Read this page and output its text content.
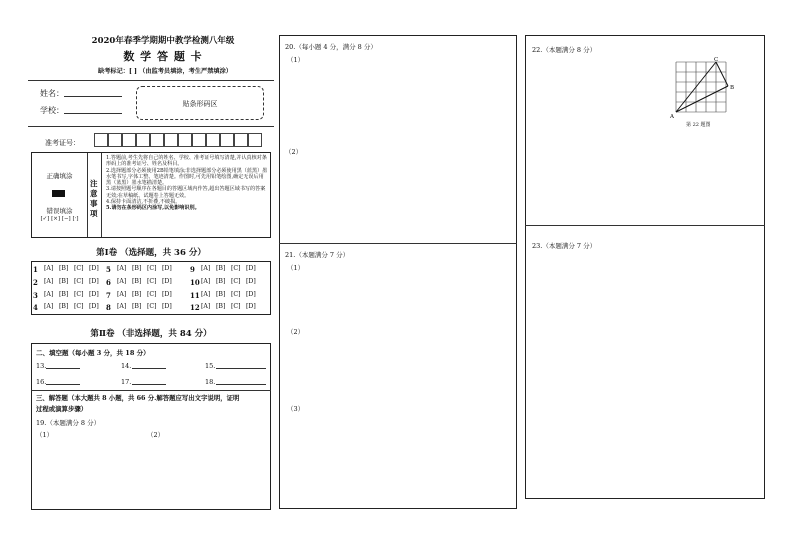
2020年春季学期期中教学检测八年级
数 学 答 题 卡
缺考标记：[ ] （由监考员填涂，考生严禁填涂）
姓名：
学校：
贴条形码区
准考证号：
正确填涂
错误填涂
[✓] [×] [−] [·]
注意事项
1.答题前,考生先将自己的姓名、学校、准考证号填写清楚,并认真核对条形码上的准考证号、姓名及科目。
2.选择题部分必须使用2B铅笔填涂;非选择题部分必须使用黑（蓝黑）墨水笔书写,字体工整、笔迹清楚。作图时,可先用铅笔绘图,确定无误后用黑（蓝黑）墨水笔描清楚。
3.请按照题号顺序在各题目的答题区域内作答,超出答题区域书写的答案无效;在草稿纸、试题卷上答题无效。
4.保持卡面清洁,不折叠,不破损。
5.请勿在条形码区内涂写,以免影响识别。
第Ⅰ卷 （选择题，共 36 分）
1 [A] [B] [C] [D]	5 [A] [B] [C] [D]	9 [A] [B] [C] [D]
2 [A] [B] [C] [D]	6 [A] [B] [C] [D]	10 [A] [B] [C] [D]
3 [A] [B] [C] [D]	7 [A] [B] [C] [D]	11 [A] [B] [C] [D]
4 [A] [B] [C] [D]	8 [A] [B] [C] [D]	12 [A] [B] [C] [D]
第Ⅱ卷 （非选择题，共 84 分）
二、填空题（每小题 3 分，共 18 分）
13.	14.	15.
16.	17.	18.
三、解答题（本大题共 8 小题，共 66 分.解答题应写出文字说明，证明
过程或演算步骤）
19.（本题满分 8 分）
（1）	（2）
20.（每小题 4 分，满分 8 分）
（1）
（2）
21.（本题满分 7 分）
（1）
（2）
（3）
22.（本题满分 8 分）
A
B
C
第 22 题图
23.（本题满分 7 分）
